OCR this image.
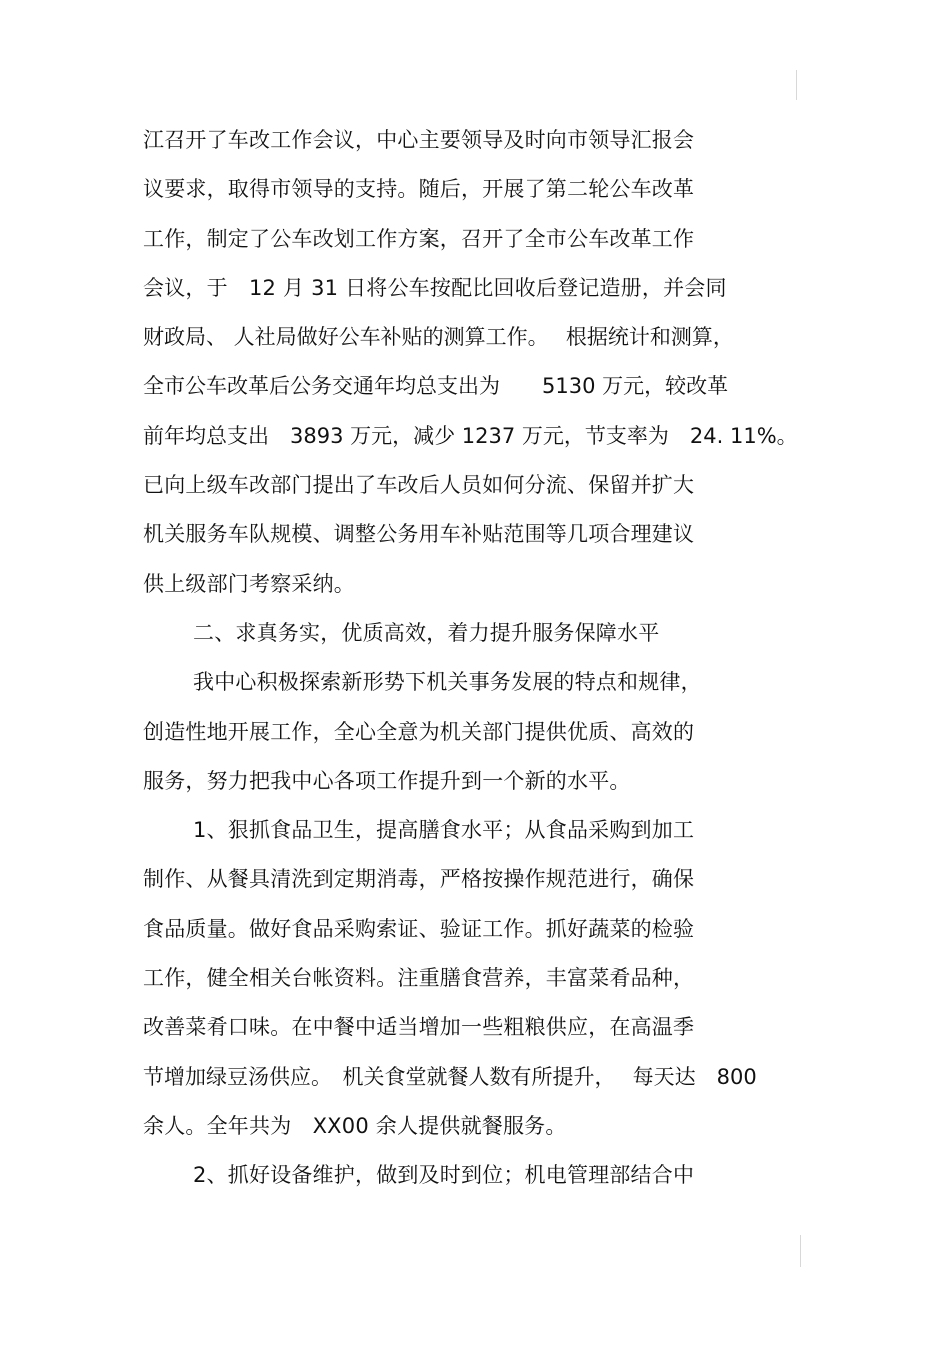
江召开了车改工作会议，中心主要领导及时向市领导汇报会
议要求，取得市领导的支持。随后，开展了第二轮公车改革
工作，制定了公车改划工作方案，召开了全市公车改革工作
会议，于　12 月 31 日将公车按配比回收后登记造册，并会同
财政局、 人社局做好公车补贴的测算工作。　 根据统计和测算，
全市公车改革后公务交通年均总支出为　　5130 万元，较改革
前年均总支出　3893 万元，减少 1237 万元，节支率为　24. 11%。
已向上级车改部门提出了车改后人员如何分流、保留并扩大
机关服务车队规模、调整公务用车补贴范围等几项合理建议
供上级部门考察采纳。
二、求真务实，优质高效，着力提升服务保障水平
我中心积极探索新形势下机关事务发展的特点和规律，
创造性地开展工作，全心全意为机关部门提供优质、高效的
服务，努力把我中心各项工作提升到一个新的水平。
1、狠抓食品卫生，提高膳食水平；从食品采购到加工
制作、从餐具清洗到定期消毒，严格按操作规范进行，确保
食品质量。做好食品采购索证、验证工作。抓好蔬菜的检验
工作，健全相关台帐资料。注重膳食营养，丰富菜肴品种，
改善菜肴口味。在中餐中适当增加一些粗粮供应，在高温季
节增加绿豆汤供应。　机关食堂就餐人数有所提升，　 每天达　800
余人。全年共为　XX00 余人提供就餐服务。
2、抓好设备维护，做到及时到位；机电管理部结合中
